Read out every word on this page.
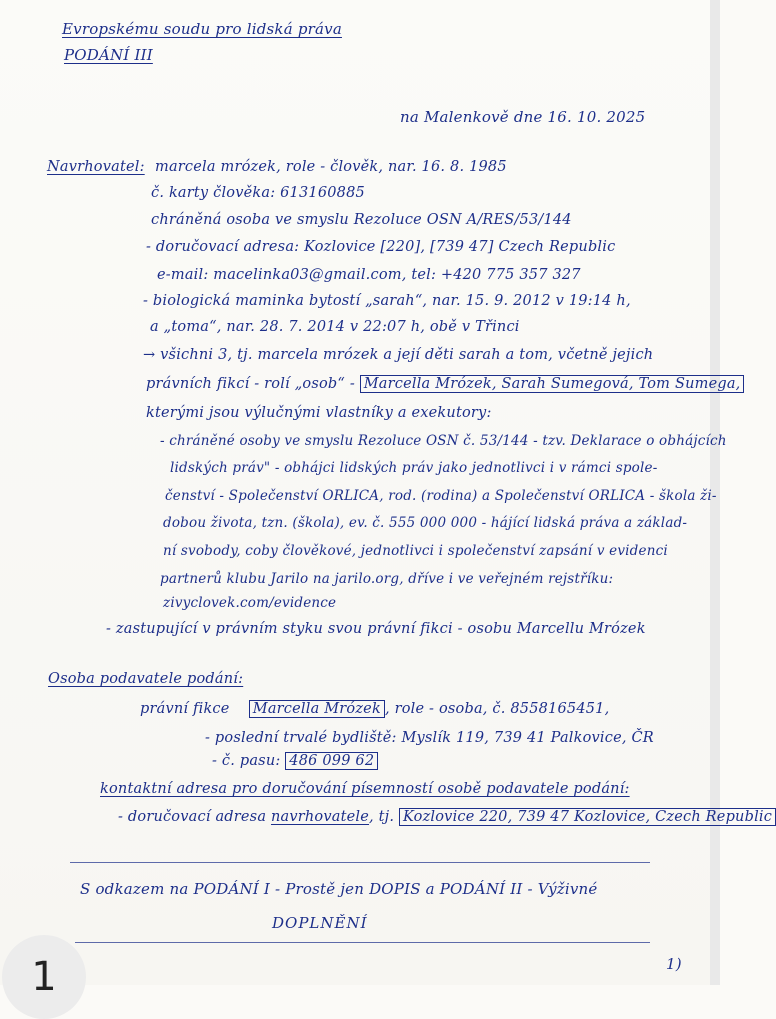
Evropskému soudu pro lidská práva
PODÁNÍ III
na Malenkově dne 16. 10. 2025
Navrhovatel: marcela mrózek, role - člověk, nar. 16. 8. 1985
č. karty člověka: 613160885
chráněná osoba ve smyslu Rezoluce OSN A/RES/53/144
- doručovací adresa: Kozlovice [220], [739 47] Czech Republic
e-mail: macelinka03@gmail.com, tel: +420 775 357 327
- biologická maminka bytostí „sarah“, nar. 15. 9. 2012 v 19:14 h,
a „toma“, nar. 28. 7. 2014 v 22:07 h, obě v Třinci
→ všichni 3, tj. marcela mrózek a její děti sarah a tom, včetně jejich
právních fikcí - rolí „osob“ - Marcella Mrózek, Sarah Sumegová, Tom Sumega,
kterými jsou výlučnými vlastníky a exekutory:
- chráněné osoby ve smyslu Rezoluce OSN č. 53/144 - tzv. Deklarace o obhájcích
lidských práv" - obhájci lidských práv jako jednotlivci i v rámci spole-
čenství - Společenství ORLICA, rod. (rodina) a Společenství ORLICA - škola ži-
dobou života, tzn. (škola), ev. č. 555 000 000 - hájící lidská práva a základ-
ní svobody, coby člověkové, jednotlivci i společenství zapsání v evidenci
partnerů klubu Jarilo na jarilo.org, dříve i ve veřejném rejstříku:
zivyclovek.com/evidence
- zastupující v právním styku svou právní fikci - osobu Marcellu Mrózek
Osoba podavatele podání:
právní fikce Marcella Mrózek , role - osoba, č. 8558165451,
- poslední trvalé bydliště: Myslík 119, 739 41 Palkovice, ČR
- č. pasu: 486 099 62
kontaktní adresa pro doručování písemností osobě podavatele podání:
- doručovací adresa navrhovatele, tj. Kozlovice 220, 739 47 Kozlovice, Czech Republic
S odkazem na PODÁNÍ I - Prostě jen DOPIS a PODÁNÍ II - Výživné
DOPLNĚNÍ
1)
1
